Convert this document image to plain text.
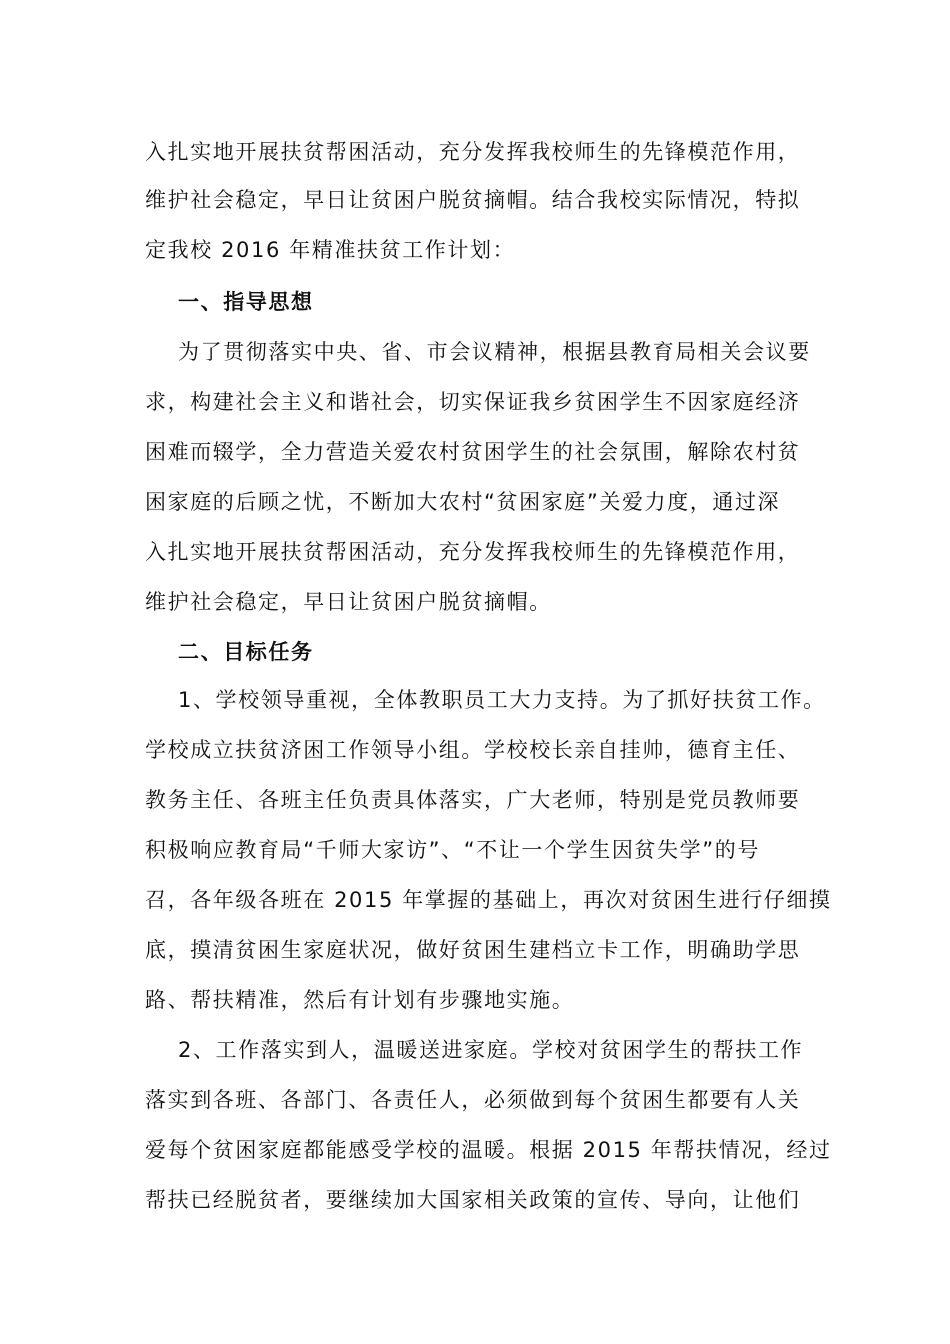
入扎实地开展扶贫帮困活动，充分发挥我校师生的先锋模范作用，
维护社会稳定，早日让贫困户脱贫摘帽。结合我校实际情况，特拟
定我校 2016 年精准扶贫工作计划：
一、指导思想
为了贯彻落实中央、省、市会议精神，根据县教育局相关会议要
求，构建社会主义和谐社会，切实保证我乡贫困学生不因家庭经济
困难而辍学，全力营造关爱农村贫困学生的社会氛围，解除农村贫
困家庭的后顾之忧，不断加大农村“贫困家庭”关爱力度，通过深
入扎实地开展扶贫帮困活动，充分发挥我校师生的先锋模范作用，
维护社会稳定，早日让贫困户脱贫摘帽。
二、目标任务
1、学校领导重视，全体教职员工大力支持。为了抓好扶贫工作。
学校成立扶贫济困工作领导小组。学校校长亲自挂帅，德育主任、
教务主任、各班主任负责具体落实，广大老师，特别是党员教师要
积极响应教育局“千师大家访”、“不让一个学生因贫失学”的号
召，各年级各班在 2015 年掌握的基础上，再次对贫困生进行仔细摸
底，摸清贫困生家庭状况，做好贫困生建档立卡工作，明确助学思
路、帮扶精准，然后有计划有步骤地实施。
2、工作落实到人，温暖送进家庭。学校对贫困学生的帮扶工作
落实到各班、各部门、各责任人，必须做到每个贫困生都要有人关
爱每个贫困家庭都能感受学校的温暖。根据 2015 年帮扶情况，经过
帮扶已经脱贫者，要继续加大国家相关政策的宣传、导向，让他们
